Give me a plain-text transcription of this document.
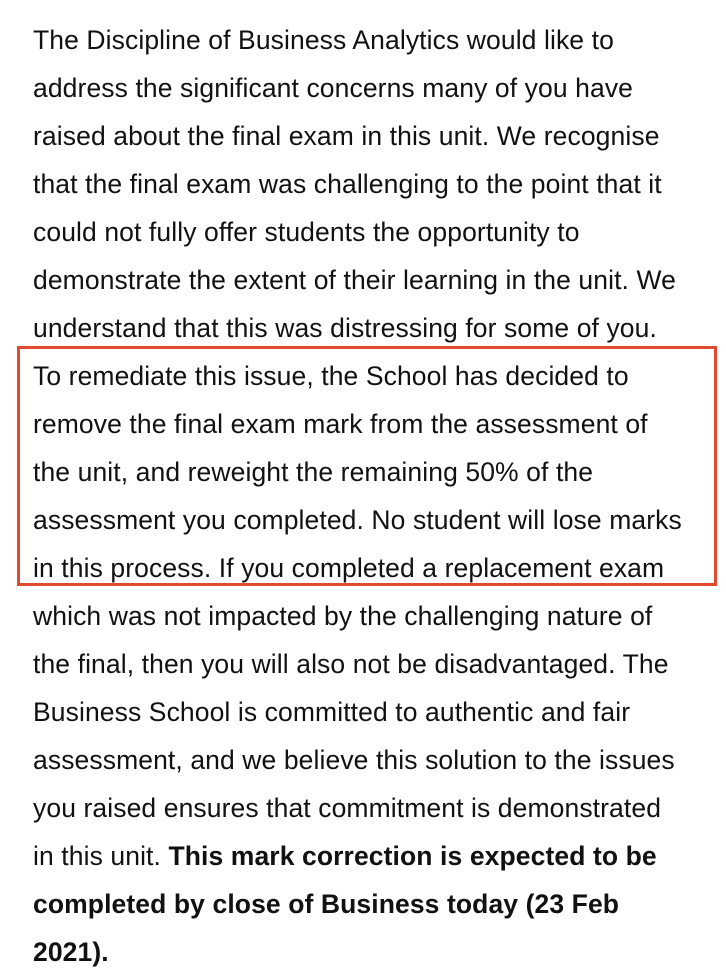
The Discipline of Business Analytics would like to
address the significant concerns many of you have
raised about the final exam in this unit. We recognise
that the final exam was challenging to the point that it
could not fully offer students the opportunity to
demonstrate the extent of their learning in the unit. We
understand that this was distressing for some of you.
To remediate this issue, the School has decided to
remove the final exam mark from the assessment of
the unit, and reweight the remaining 50% of the
assessment you completed. No student will lose marks
in this process. If you completed a replacement exam
which was not impacted by the challenging nature of
the final, then you will also not be disadvantaged. The
Business School is committed to authentic and fair
assessment, and we believe this solution to the issues
you raised ensures that commitment is demonstrated
in this unit. This mark correction is expected to be
completed by close of Business today (23 Feb
2021).
